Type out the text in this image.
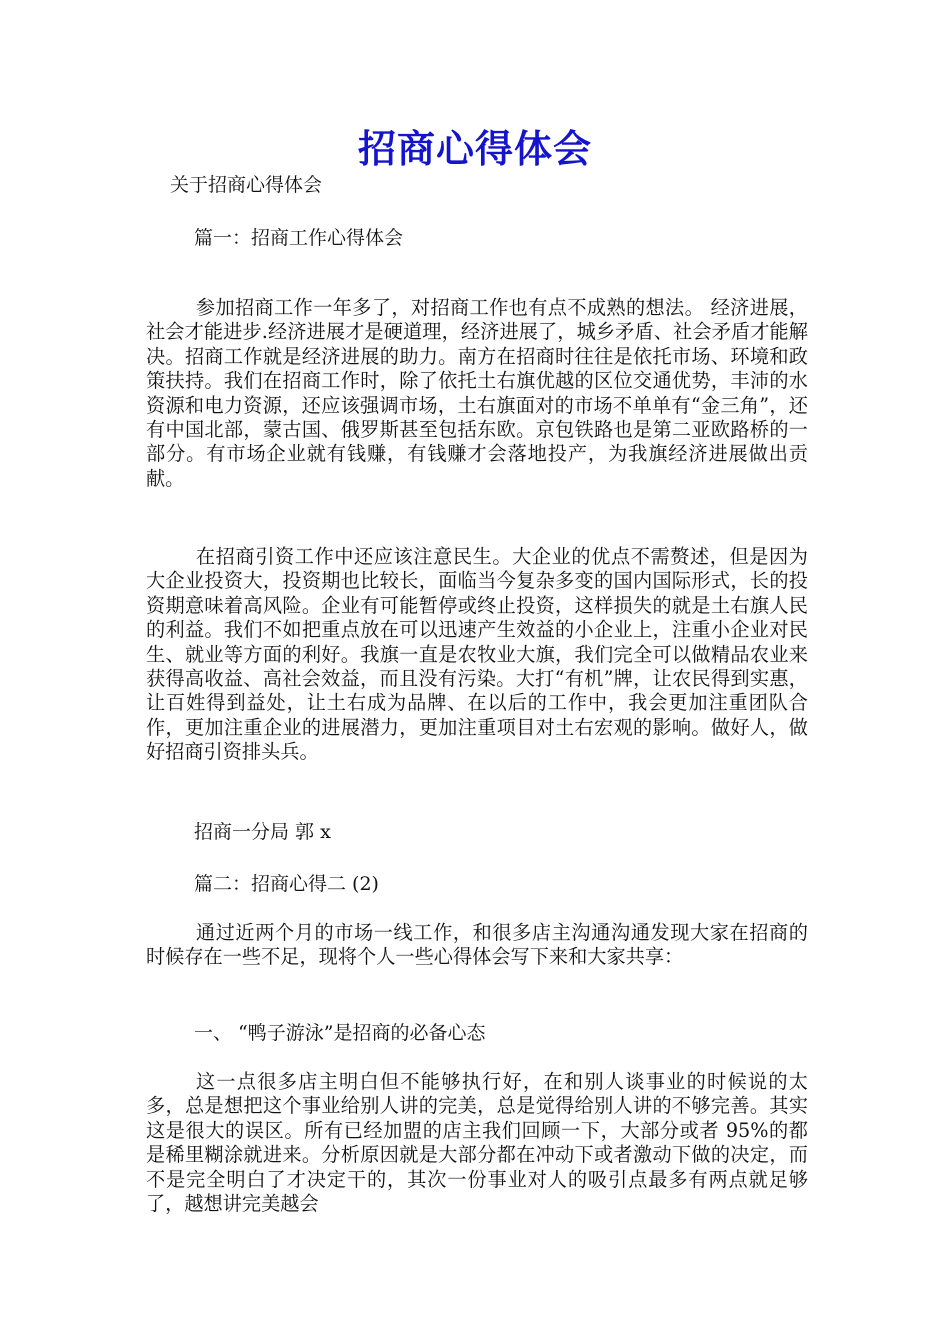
招商心得体会
关于招商心得体会
篇一：招商工作心得体会
参加招商工作一年多了，对招商工作也有点不成熟的想法。 经济进展，社会才能进步.经济进展才是硬道理，经济进展了，城乡矛盾、社会矛盾才能解决。招商工作就是经济进展的助力。南方在招商时往往是依托市场、环境和政策扶持。我们在招商工作时，除了依托土右旗优越的区位交通优势，丰沛的水资源和电力资源，还应该强调市场，土右旗面对的市场不单单有“金三角”，还有中国北部，蒙古国、俄罗斯甚至包括东欧。京包铁路也是第二亚欧路桥的一部分。有市场企业就有钱赚，有钱赚才会落地投产，为我旗经济进展做出贡献。
在招商引资工作中还应该注意民生。大企业的优点不需赘述，但是因为大企业投资大，投资期也比较长，面临当今复杂多变的国内国际形式，长的投资期意味着高风险。企业有可能暂停或终止投资，这样损失的就是土右旗人民的利益。我们不如把重点放在可以迅速产生效益的小企业上，注重小企业对民生、就业等方面的利好。我旗一直是农牧业大旗，我们完全可以做精品农业来获得高收益、高社会效益，而且没有污染。大打“有机”牌，让农民得到实惠，让百姓得到益处，让土右成为品牌、在以后的工作中，我会更加注重团队合作，更加注重企业的进展潜力，更加注重项目对土右宏观的影响。做好人，做好招商引资排头兵。
招商一分局 郭 x
篇二：招商心得二 (2)
通过近两个月的市场一线工作，和很多店主沟通沟通发现大家在招商的时候存在一些不足，现将个人一些心得体会写下来和大家共享：
一、 “鸭子游泳”是招商的必备心态
这一点很多店主明白但不能够执行好，在和别人谈事业的时候说的太多，总是想把这个事业给别人讲的完美，总是觉得给别人讲的不够完善。其实这是很大的误区。所有已经加盟的店主我们回顾一下，大部分或者 95%的都是稀里糊涂就进来。分析原因就是大部分都在冲动下或者激动下做的决定，而不是完全明白了才决定干的，其次一份事业对人的吸引点最多有两点就足够了，越想讲完美越会
